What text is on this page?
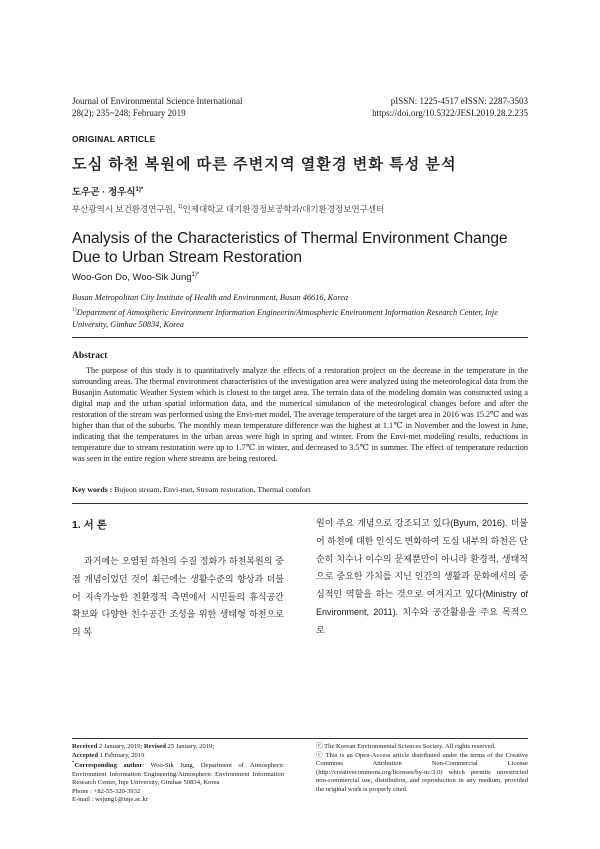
Journal of Environmental Science International
28(2); 235~248; February 2019
pISSN: 1225-4517 eISSN: 2287-3503
https://doi.org/10.5322/JESI.2019.28.2.235
ORIGINAL ARTICLE
도심 하천 복원에 따른 주변지역 열환경 변화 특성 분석
도우곤 · 정우식$^{1)*}$
부산광역시 보건환경연구원, $^{1)}$인제대학교 대기환경정보공학과/대기환경정보연구센터
Analysis of the Characteristics of Thermal Environment Change Due to Urban Stream Restoration
Woo-Gon Do, Woo-Sik Jung$^{1)*}$
Busan Metropolitan City Institute of Health and Environment, Busan 46616, Korea
$^{1)}$Department of Atmospheric Environment Information Engineerin/Atmospheric Environment Information Research Center, Inje University, Gimhae 50834, Korea
Abstract
The purpose of this study is to quantitatively analyze the effects of a restoration project on the decrease in the temperature in the surrounding areas. The thermal environment characteristics of the investigation area were analyzed using the meteorological data from the Busanjin Automatic Weather System which is closest to the target area. The terrain data of the modeling domain was constructed using a digital map and the urban spatial information data, and the numerical simulation of the meteorological changes before and after the restoration of the stream was performed using the Envi-met model. The average temperature of the target area in 2016 was 15.2℃ and was higher than that of the suburbs. The monthly mean temperature difference was the highest at 1.1℃ in November and the lowest in June, indicating that the temperatures in the urban areas were high in spring and winter. From the Envi-met modeling results, reductions in temperature due to stream restoration were up to 1.7℃ in winter, and decreased to 3.5℃ in summer. The effect of temperature reduction was seen in the entire region where streams are being restored.
Key words : Bujeon stream, Envi-met, Stream restoration, Thermal comfort
1. 서 론
과거에는 오염된 하천의 수질 정화가 하천복원의 중점 개념이었던 것이 최근에는 생활수준의 향상과 더불어 지속가능한 친환경적 측면에서 시민들의 휴식공간 확보와 다양한 친수공간 조성을 위한 생태형 하천으로의 복
원이 주요 개념으로 강조되고 있다(Byum, 2016). 더불어 하천에 대한 인식도 변화하여 도심 내부의 하천은 단순히 치수나 이수의 문제뿐만이 아니라 환경적, 생태적으로 중요한 가치를 지닌 인간의 생활과 문화에서의 중심적인 역할을 하는 것으로 여겨지고 있다(Ministry of Environment, 2011). 치수와 공간활용을 주요 목적으로
Received 2 January, 2019; Revised 25 January, 2019;
Accepted 1 February, 2019
*Corresponding author: Woo-Sik Jung, Department of Atmospheric Environment Information Engineering/Atmospheric Environment Information Research Center, Inje University, Gimhae 50834, Korea
Phone : +82-55-320-3932
E-mail : wsjung1@inje.ac.kr
ⓒ The Korean Environmental Sciences Society. All rights reserved.
ⓒ This is an Open-Access article distributed under the terms of the Creative Commons Attribution Non-Commercial License (http://creativecommons.org/licenses/by-nc/3.0) which permits unrestricted non-commercial use, distribution, and reproduction in any medium, provided the original work is properly cited.
